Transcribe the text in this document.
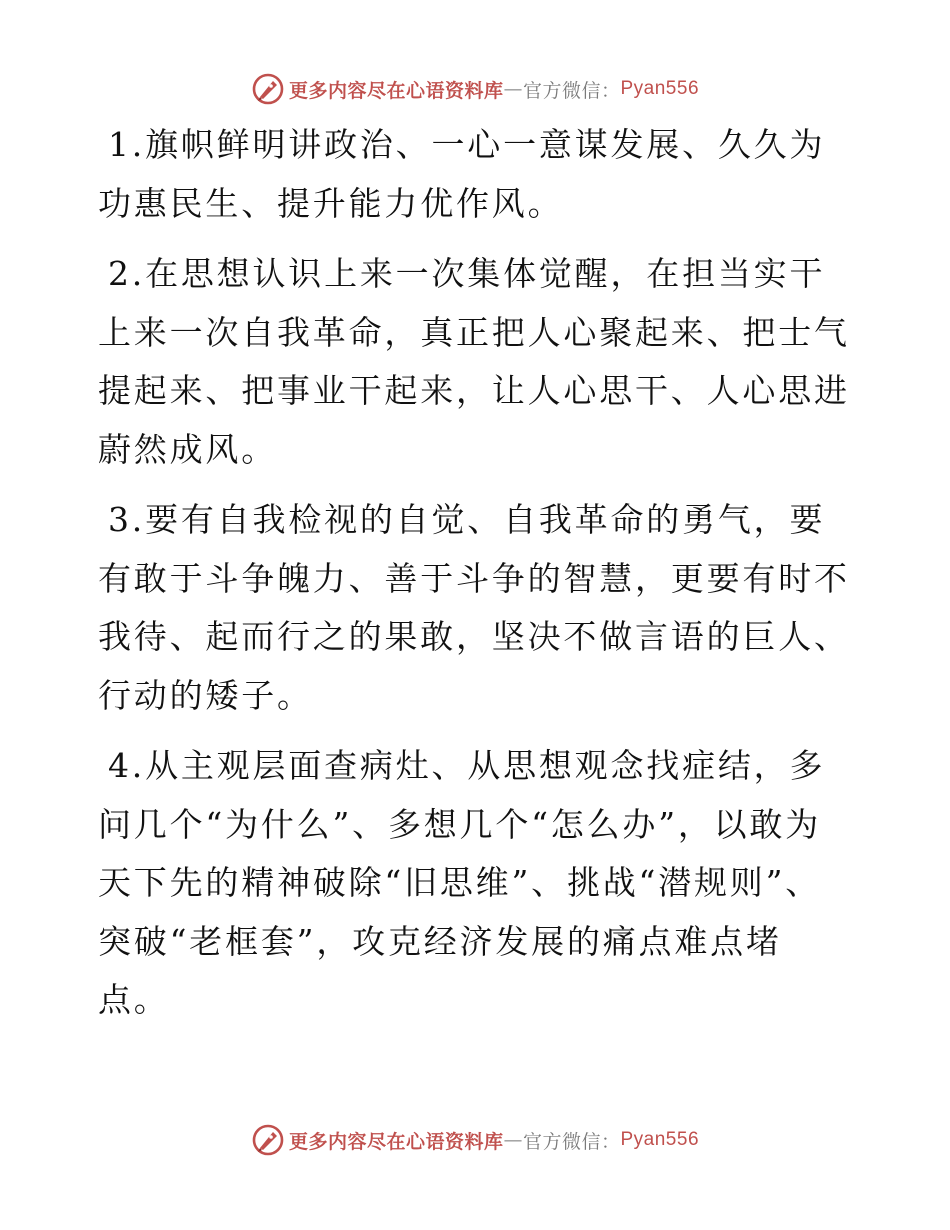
更多内容尽在心语资料库 — 官方微信： Pyan556

1.旗帜鲜明讲政治、一心一意谋发展、久久为功惠民生、提升能力优作风。

2.在思想认识上来一次集体觉醒，在担当实干上来一次自我革命，真正把人心聚起来、把士气提起来、把事业干起来，让人心思干、人心思进蔚然成风。

3.要有自我检视的自觉、自我革命的勇气，要有敢于斗争魄力、善于斗争的智慧，更要有时不我待、起而行之的果敢，坚决不做言语的巨人、行动的矮子。

4.从主观层面查病灶、从思想观念找症结，多问几个“为什么”、多想几个“怎么办”，以敢为天下先的精神破除“旧思维”、挑战“潜规则”、突破“老框套”，攻克经济发展的痛点难点堵点。

更多内容尽在心语资料库 — 官方微信： Pyan556
